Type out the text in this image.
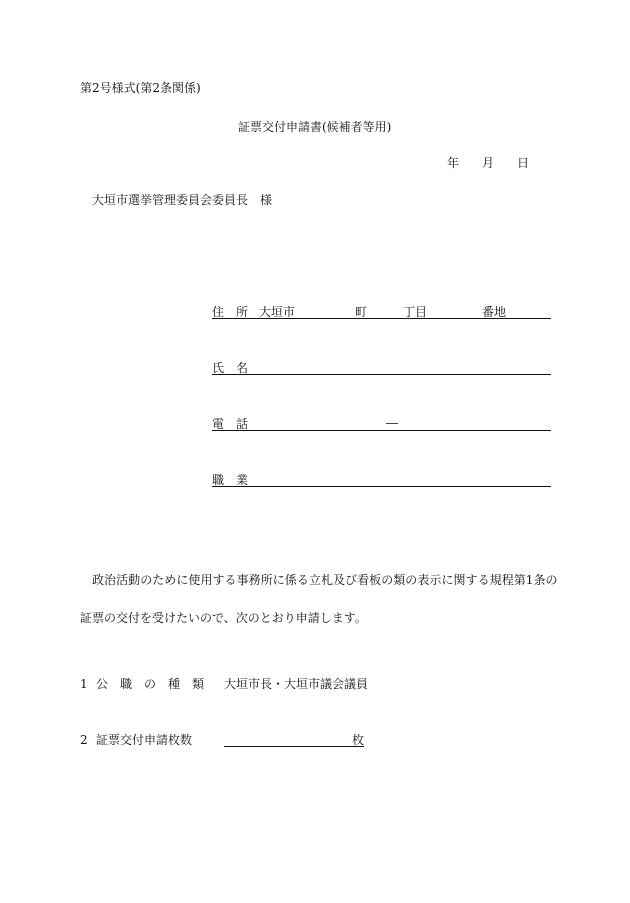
第2号様式(第2条関係)
証票交付申請書(候補者等用)
年 月 日
大垣市選挙管理委員会委員長　様
住　所 大垣市	町	丁目	番地
氏　名
電　話	―
職　業
政治活動のために使用する事務所に係る立札及び看板の類の表示に関する規程第1条の
証票の交付を受けたいので、次のとおり申請します。
1 公　職　の　種　類 大垣市長・大垣市議会議員
2 証票交付申請枚数	枚
